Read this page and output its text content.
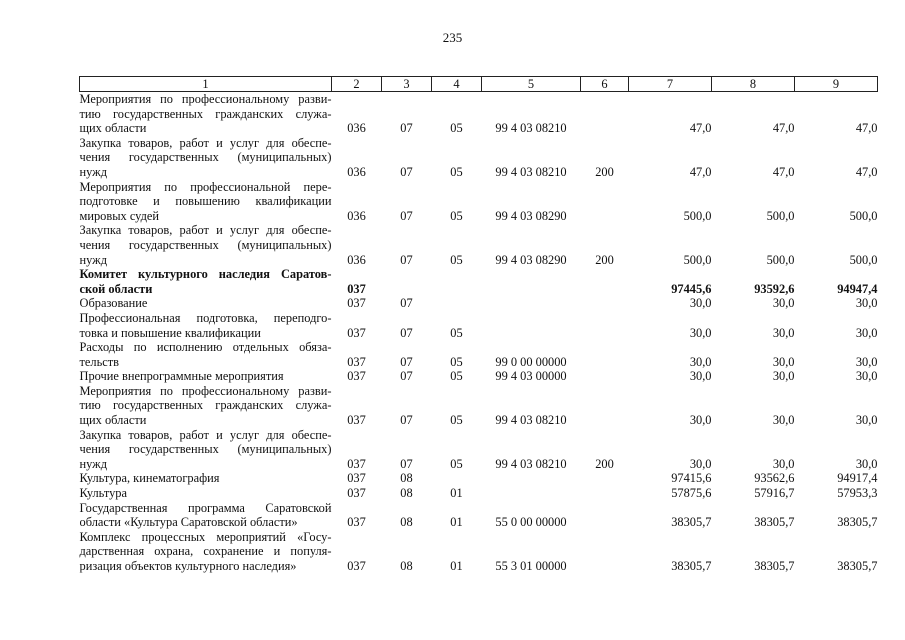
235
1	2	3	4	5	6	7	8	9

Мероприятия по профессиональному разви-
тию государственных гражданских служа-
щих области	036	07	05	99 4 03 08210		47,0	47,0	47,0

Закупка товаров, работ и услуг для обеспе-
чения государственных (муниципальных)
нужд	036	07	05	99 4 03 08210	200	47,0	47,0	47,0

Мероприятия по профессиональной пере-
подготовке и повышению квалификации
мировых судей	036	07	05	99 4 03 08290		500,0	500,0	500,0

Закупка товаров, работ и услуг для обеспе-
чения государственных (муниципальных)
нужд	036	07	05	99 4 03 08290	200	500,0	500,0	500,0

Комитет культурного наследия Саратов-
ской области	037					97445,6	93592,6	94947,4

Образование	037	07				30,0	30,0	30,0

Профессиональная подготовка, переподго-
товка и повышение квалификации	037	07	05			30,0	30,0	30,0

Расходы по исполнению отдельных обяза-
тельств	037	07	05	99 0 00 00000		30,0	30,0	30,0

Прочие внепрограммные мероприятия	037	07	05	99 4 03 00000		30,0	30,0	30,0

Мероприятия по профессиональному разви-
тию государственных гражданских служа-
щих области	037	07	05	99 4 03 08210		30,0	30,0	30,0

Закупка товаров, работ и услуг для обеспе-
чения государственных (муниципальных)
нужд	037	07	05	99 4 03 08210	200	30,0	30,0	30,0

Культура, кинематография	037	08				97415,6	93562,6	94917,4

Культура	037	08	01			57875,6	57916,7	57953,3

Государственная программа Саратовской
области «Культура Саратовской области»	037	08	01	55 0 00 00000		38305,7	38305,7	38305,7

Комплекс процессных мероприятий «Госу-
дарственная охрана, сохранение и популя-
ризация объектов культурного наследия»	037	08	01	55 3 01 00000		38305,7	38305,7	38305,7
